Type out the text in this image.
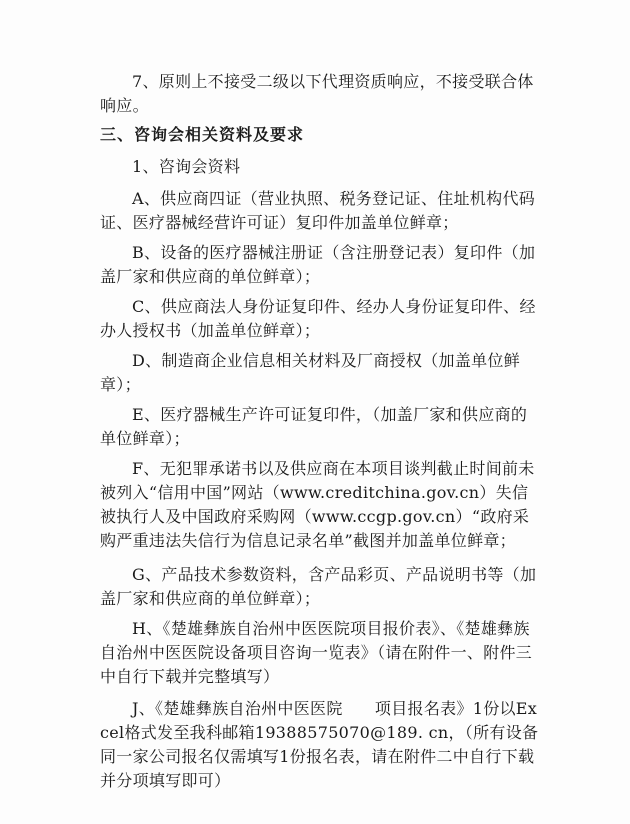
7、原则上不接受二级以下代理资质响应，不接受联合体响应。

三、咨询会相关资料及要求

1、咨询会资料

A、供应商四证（营业执照、税务登记证、住址机构代码证、医疗器械经营许可证）复印件加盖单位鲜章；

B、设备的医疗器械注册证（含注册登记表）复印件（加盖厂家和供应商的单位鲜章）；

C、供应商法人身份证复印件、经办人身份证复印件、经办人授权书（加盖单位鲜章）；

D、制造商企业信息相关材料及厂商授权（加盖单位鲜章）；

E、医疗器械生产许可证复印件，（加盖厂家和供应商的单位鲜章）；

F、无犯罪承诺书以及供应商在本项目谈判截止时间前未被列入“信用中国”网站（www.creditchina.gov.cn）失信被执行人及中国政府采购网（www.ccgp.gov.cn）“政府采购严重违法失信行为信息记录名单”截图并加盖单位鲜章；

G、产品技术参数资料，含产品彩页、产品说明书等（加盖厂家和供应商的单位鲜章）；

H、《楚雄彝族自治州中医医院项目报价表》、《楚雄彝族自治州中医医院设备项目咨询一览表》（请在附件一、附件三中自行下载并完整填写）

J、《楚雄彝族自治州中医医院      项目报名表》1份以Excel格式发至我科邮箱19388575070@189. cn，（所有设备同一家公司报名仅需填写1份报名表，请在附件二中自行下载并分项填写即可）
